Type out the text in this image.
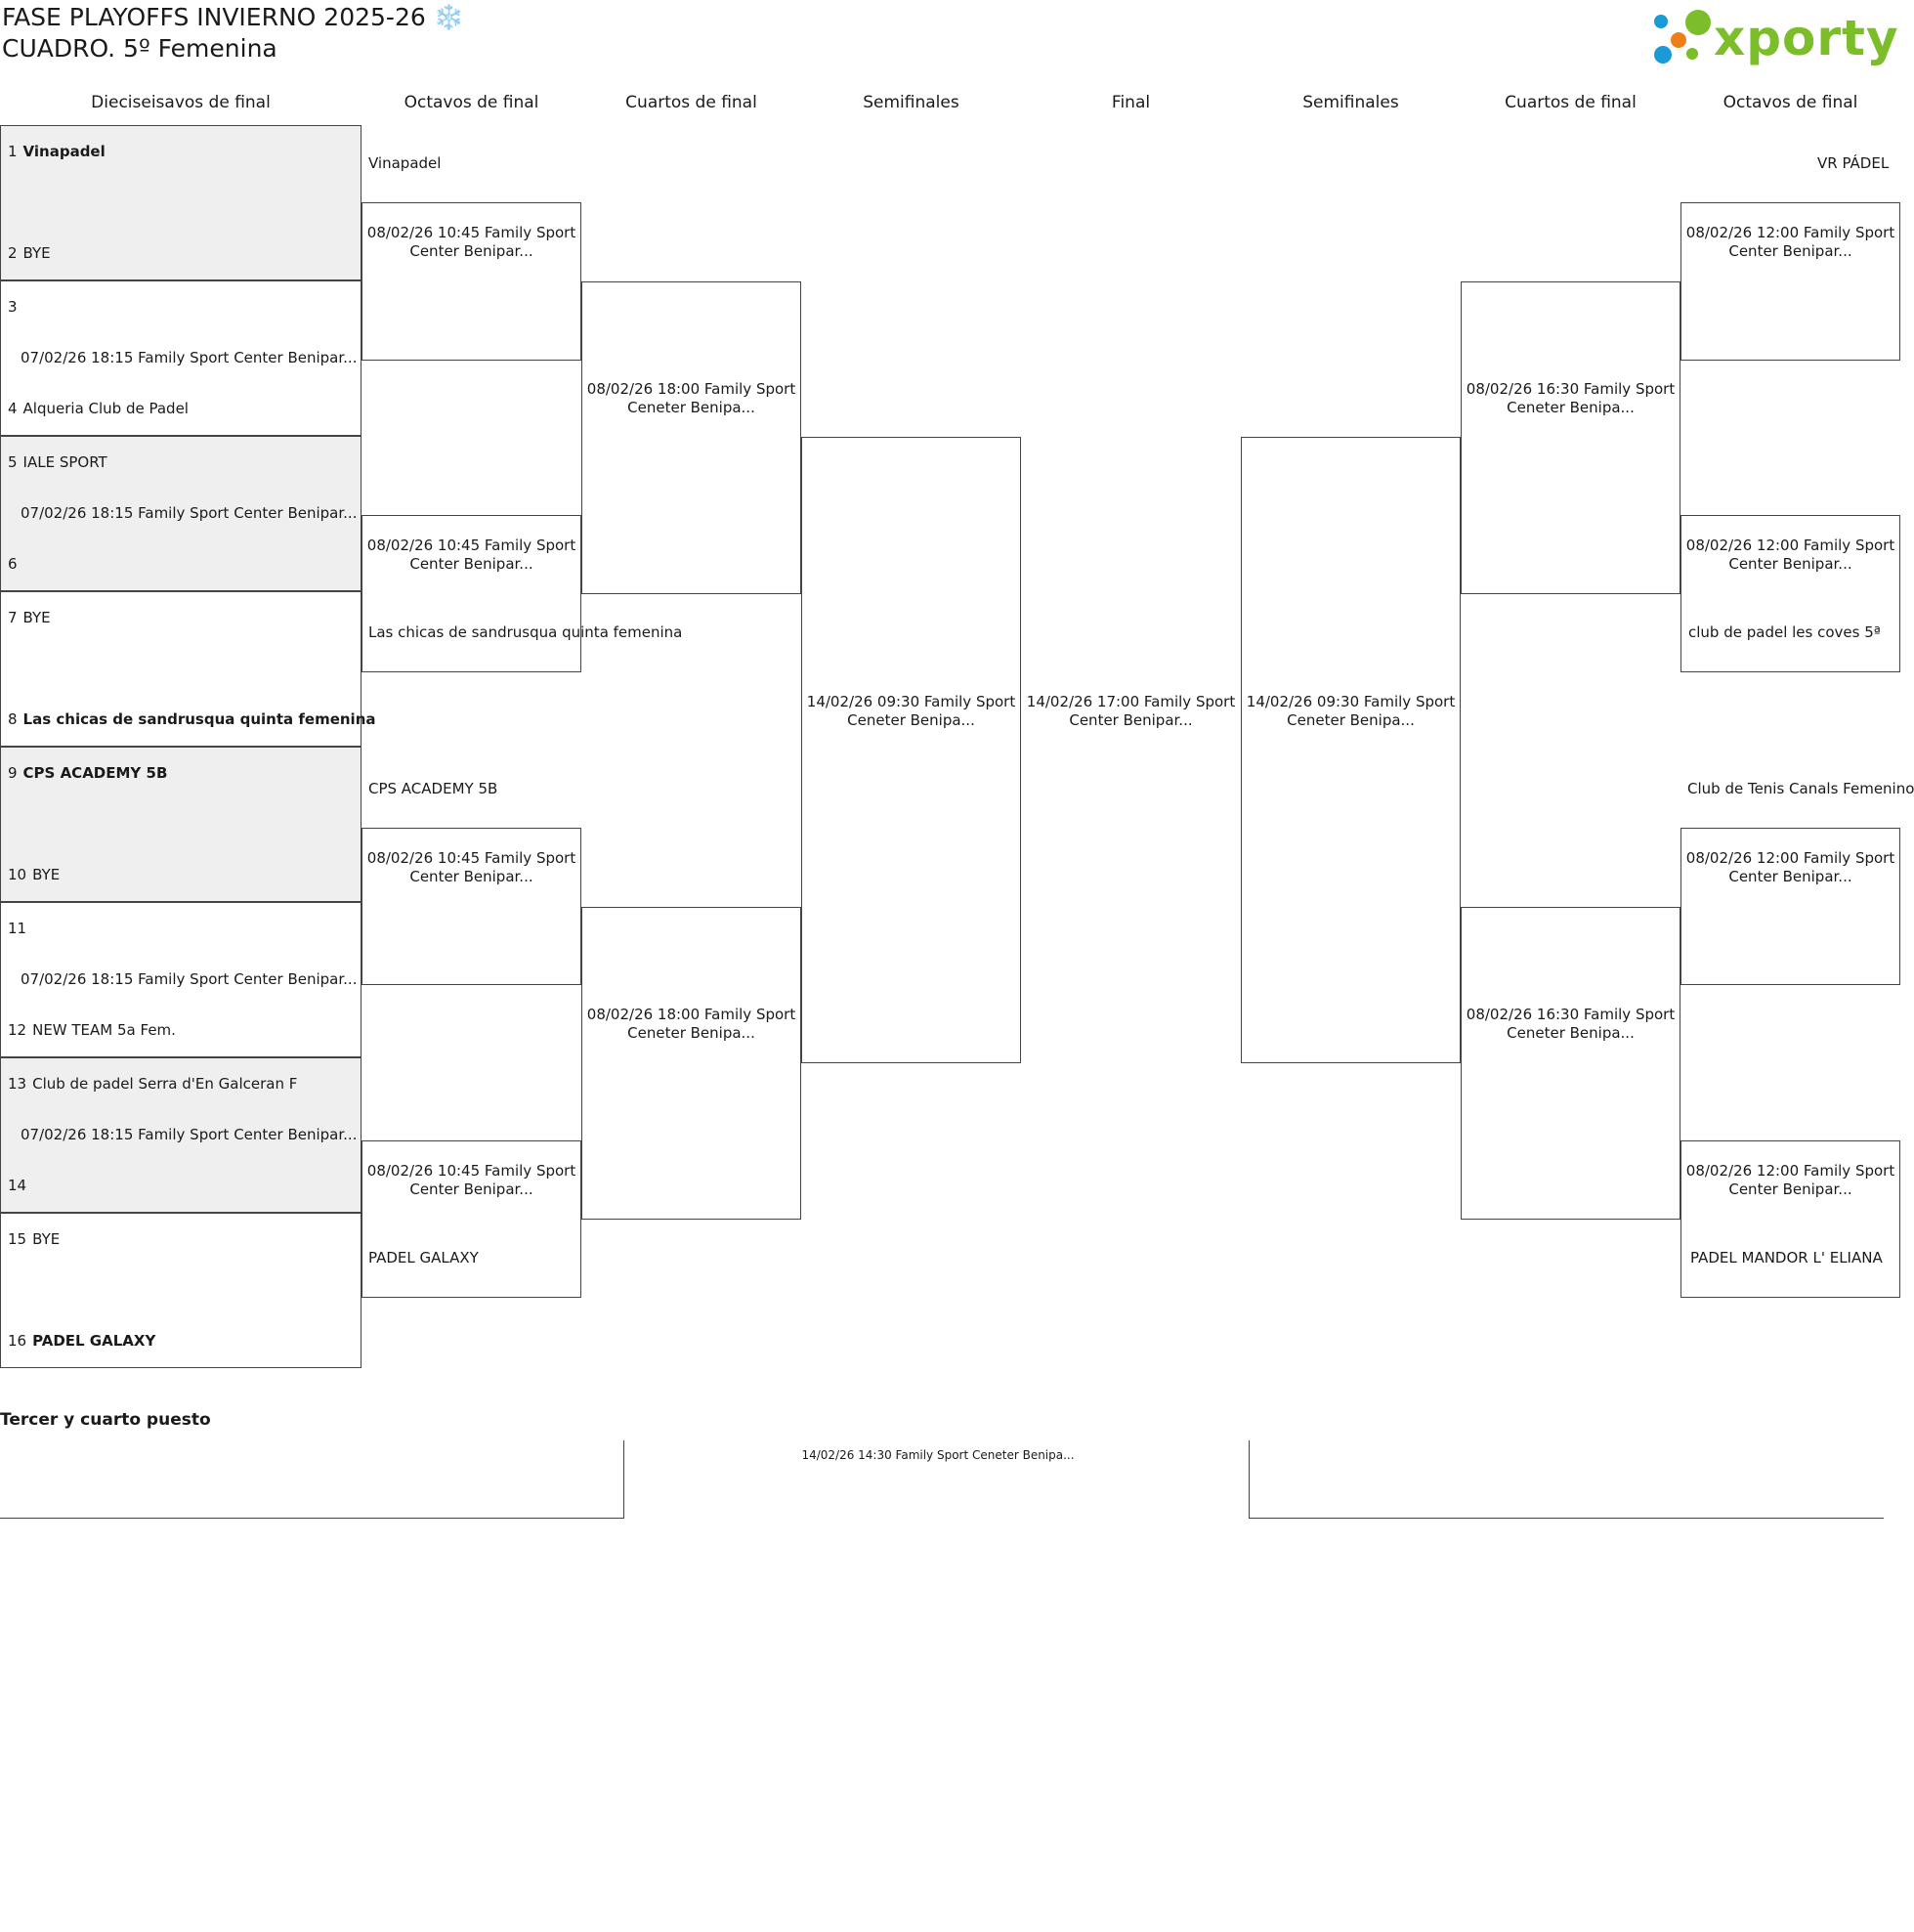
FASE PLAYOFFS INVIERNO 2025-26 ❄️
CUADRO. 5º Femenina	xporty
Dieciseisavos de final	Octavos de final	Cuartos de final	Semifinales	Final	Semifinales	Cuartos de final	Octavos de final
1 Vinapadel
2 BYE
3
07/02/26 18:15 Family Sport Center Benipar...
4 Alqueria Club de Padel
5 IALE SPORT
07/02/26 18:15 Family Sport Center Benipar...
6
7 BYE
8 Las chicas de sandrusqua quinta femenina
9 CPS ACADEMY 5B
10 BYE
11
07/02/26 18:15 Family Sport Center Benipar...
12 NEW TEAM 5a Fem.
13 Club de padel Serra d'En Galceran F
07/02/26 18:15 Family Sport Center Benipar...
14
15 BYE
16 PADEL GALAXY
Vinapadel
08/02/26 10:45 Family Sport Center Benipar...
08/02/26 10:45 Family Sport Center Benipar...
Las chicas de sandrusqua quinta femenina
CPS ACADEMY 5B
08/02/26 10:45 Family Sport Center Benipar...
08/02/26 10:45 Family Sport Center Benipar...
PADEL GALAXY
08/02/26 18:00 Family Sport Ceneter Benipa...
08/02/26 18:00 Family Sport Ceneter Benipa...
14/02/26 09:30 Family Sport Ceneter Benipa...
14/02/26 17:00 Family Sport Center Benipar...
14/02/26 09:30 Family Sport Ceneter Benipa...
08/02/26 16:30 Family Sport Ceneter Benipa...
08/02/26 16:30 Family Sport Ceneter Benipa...
VR PÁDEL
08/02/26 12:00 Family Sport Center Benipar...
08/02/26 12:00 Family Sport Center Benipar...
club de padel les coves 5ª
Club de Tenis Canals Femenino
08/02/26 12:00 Family Sport Center Benipar...
08/02/26 12:00 Family Sport Center Benipar...
PADEL MANDOR L' ELIANA
Tercer y cuarto puesto
14/02/26 14:30 Family Sport Ceneter Benipa...
